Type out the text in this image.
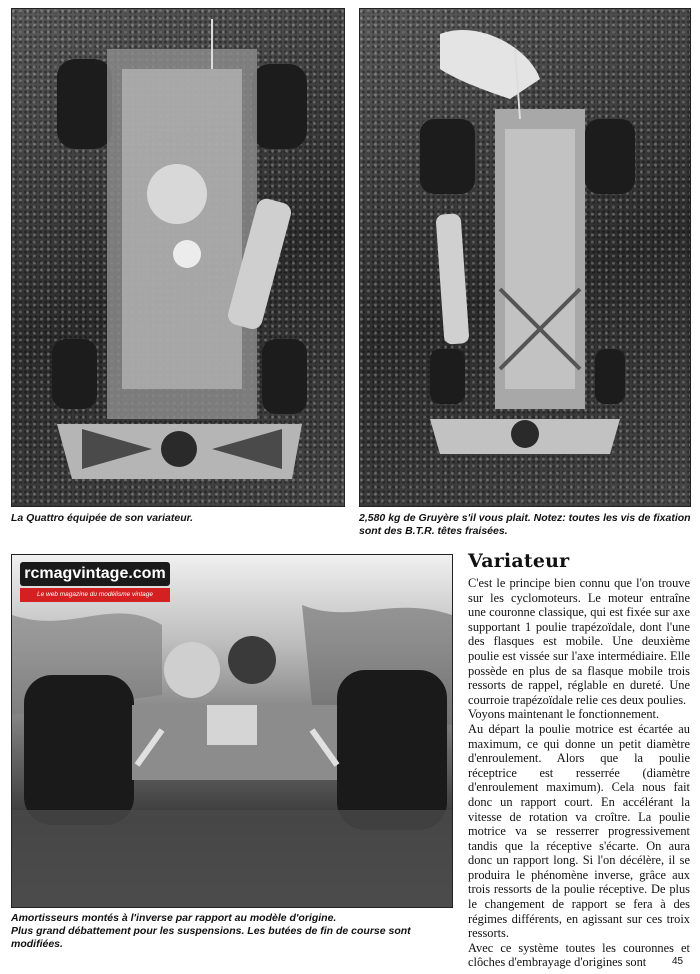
La Quattro équipée de son variateur.	2,580 kg de Gruyère s'il vous plait. Notez: toutes les vis de fixation sont des B.T.R. têtes fraisées.
rcmagvintage.com
Le web magazine du modélisme vintage
Amortisseurs montés à l'inverse par rapport au modèle d'origine.
Plus grand débattement pour les suspensions. Les butées de fin de course sont modifiées.
Variateur

C'est le principe bien connu que l'on trouve sur les cyclomoteurs. Le moteur entraîne une couronne classique, qui est fixée sur axe supportant 1 poulie trapézoïdale, dont l'une des flasques est mobile. Une deuxième poulie est vissée sur l'axe intermédiaire. Elle possède en plus de sa flasque mobile trois ressorts de rappel, réglable en dureté. Une courroie trapézoïdale relie ces deux poulies.

Voyons maintenant le fonctionnement.

Au départ la poulie motrice est écartée au maximum, ce qui donne un petit diamètre d'enroulement. Alors que la poulie réceptrice est resserrée (diamètre d'enroulement maximum). Cela nous fait donc un rapport court. En accélérant la vitesse de rotation va croître. La poulie motrice va se resserrer progressivement tandis que la réceptive s'écarte. On aura donc un rapport long. Si l'on décélère, il se produira le phénomène inverse, grâce aux trois ressorts de la poulie réceptive. De plus le changement de rapport se fera à des régimes différents, en agissant sur ces troix ressorts.

Avec ce système toutes les couronnes et clôches d'embrayage d'origines sont	45
